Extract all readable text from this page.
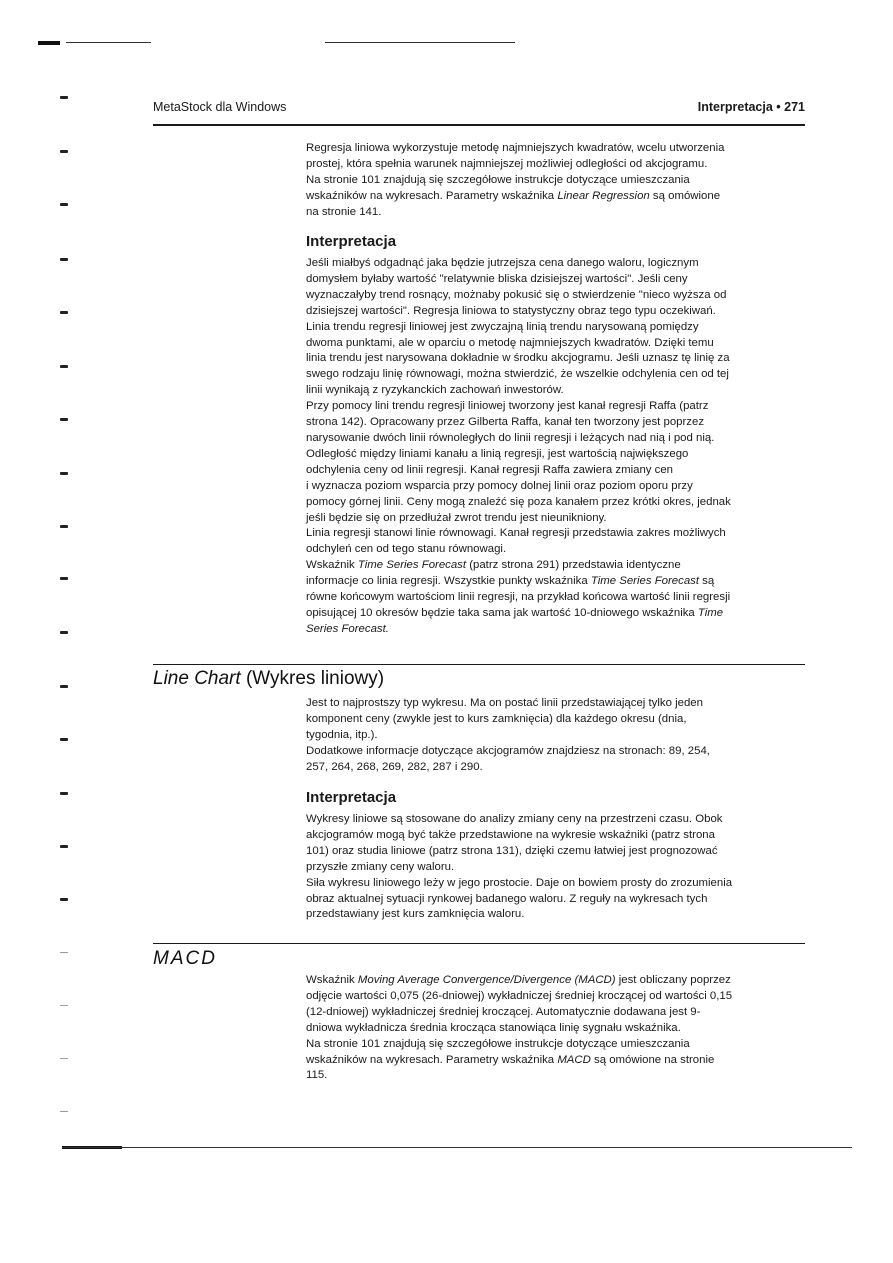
MetaStock dla Windows	Interpretacja • 271

Regresja liniowa wykorzystuje metodę najmniejszych kwadratów, wcelu utworzenia

prostej, która spełnia warunek najmniejszej możliwiej odległości od akcjogramu.

Na stronie 101 znajdują się szczegółowe instrukcje dotyczące umieszczania

wskaźników na wykresach. Parametry wskaźnika Linear Regression są omówione

na stronie 141.

Interpretacja

Jeśli miałbyś odgadnąć jaka będzie jutrzejsza cena danego waloru, logicznym

domysłem byłaby wartość "relatywnie bliska dzisiejszej wartości". Jeśli ceny

wyznaczałyby trend rosnący, możnaby pokusić się o stwierdzenie "nieco wyższa od

dzisiejszej wartości". Regresja liniowa to statystyczny obraz tego typu oczekiwań.

Linia trendu regresji liniowej jest zwyczajną linią trendu narysowaną pomiędzy

dwoma punktami, ale w oparciu o metodę najmniejszych kwadratów. Dzięki temu

linia trendu jest narysowana dokładnie w środku akcjogramu. Jeśli uznasz tę linię za

swego rodzaju linię równowagi, można stwierdzić, że wszelkie odchylenia cen od tej

linii wynikają z ryzykanckich zachowań inwestorów.

Przy pomocy lini trendu regresji liniowej tworzony jest kanał regresji Raffa (patrz

strona 142). Opracowany przez Gilberta Raffa, kanał ten tworzony jest poprzez

narysowanie dwóch linii równoległych do linii regresji i leżących nad nią i pod nią.

Odległość między liniami kanału a linią regresji, jest wartością największego

odchylenia ceny od linii regresji. Kanał regresji Raffa zawiera zmiany cen

i wyznacza poziom wsparcia przy pomocy dolnej linii oraz poziom oporu przy

pomocy górnej linii. Ceny mogą znaleźć się poza kanałem przez krótki okres, jednak

jeśli będzie się on przedłużał zwrot trendu jest nieunikniony.

Linia regresji stanowi linie równowagi. Kanał regresji przedstawia zakres możliwych

odchyleń cen od tego stanu równowagi.

Wskaźnik Time Series Forecast (patrz strona 291) przedstawia identyczne

informacje co linia regresji. Wszystkie punkty wskaźnika Time Series Forecast są

równe końcowym wartościom linii regresji, na przykład końcowa wartość linii regresji

opisującej 10 okresów będzie taka sama jak wartość 10-dniowego wskaźnika Time

Series Forecast.

Line Chart (Wykres liniowy)

Jest to najprostszy typ wykresu. Ma on postać linii przedstawiającej tylko jeden

komponent ceny (zwykle jest to kurs zamknięcia) dla każdego okresu (dnia,

tygodnia, itp.).

Dodatkowe informacje dotyczące akcjogramów znajdziesz na stronach: 89, 254,

257, 264, 268, 269, 282, 287 i 290.

Interpretacja

Wykresy liniowe są stosowane do analizy zmiany ceny na przestrzeni czasu. Obok

akcjogramów mogą być także przedstawione na wykresie wskaźniki (patrz strona

101) oraz studia liniowe (patrz strona 131), dzięki czemu łatwiej jest prognozować

przyszłe zmiany ceny waloru.

Siła wykresu liniowego leży w jego prostocie. Daje on bowiem prosty do zrozumienia

obraz aktualnej sytuacji rynkowej badanego waloru. Z reguły na wykresach tych

przedstawiany jest kurs zamknięcia waloru.

MACD

Wskaźnik Moving Average Convergence/Divergence (MACD) jest obliczany poprzez

odjęcie wartości 0,075 (26-dniowej) wykładniczej średniej kroczącej od wartości 0,15

(12-dniowej) wykładniczej średniej kroczącej. Automatycznie dodawana jest 9-

dniowa wykładnicza średnia krocząca stanowiąca linię sygnału wskaźnika.

Na stronie 101 znajdują się szczegółowe instrukcje dotyczące umieszczania

wskaźników na wykresach. Parametry wskaźnika MACD są omówione na stronie

115.
